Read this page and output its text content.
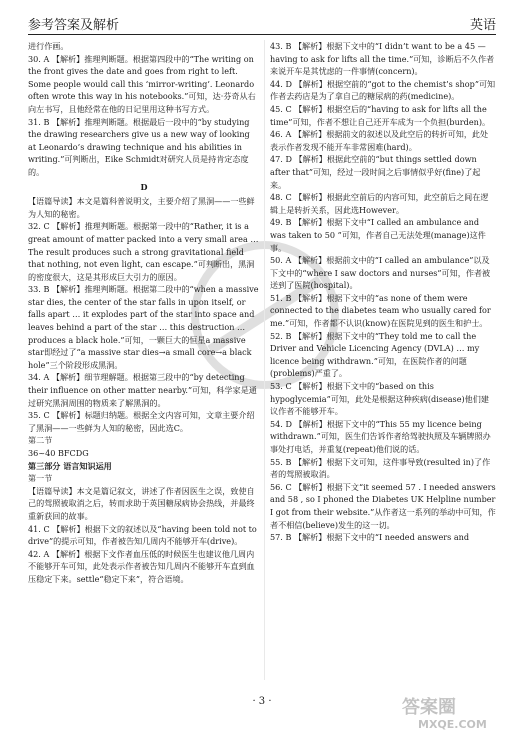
参考答案及解析	英语
进行作画。
30. A 【解析】推理判断题。根据第四段中的“The writing on the front gives the date and goes from right to left. Some people would call this ‘mirror-writing’. Leonardo often wrote this way in his notebooks.”可知，达·芬奇从右向左书写，且他经常在他的日记里用这种书写方式。
31. B 【解析】推理判断题。根据最后一段中的“by studying the drawing researchers give us a new way of looking at Leonardo’s drawing technique and his abilities in writing.”可判断出，Eike Schmidt对研究人员是持肯定态度的。
D
【语篇导读】本文是篇科普说明文，主要介绍了黑洞——一些鲜为人知的秘密。
32. C 【解析】推理判断题。根据第一段中的“Rather, it is a great amount of matter packed into a very small area … The result produces such a strong gravitational field that nothing, not even light, can escape.”可判断出，黑洞的密度很大，这是其形成巨大引力的原因。
33. B 【解析】推理判断题。根据第二段中的“when a massive star dies, the center of the star falls in upon itself, or falls apart … it explodes part of the star into space and leaves behind a part of the star … this destruction … produces a black hole.”可知，一颗巨大的恒星a massive star即经过了“a massive star dies→a small core→a black hole”三个阶段形成黑洞。
34. A 【解析】细节理解题。根据第三段中的“by detecting their influence on other matter nearby.”可知，科学家是通过研究黑洞周围的物质来了解黑洞的。
35. C 【解析】标题归纳题。根据全文内容可知，文章主要介绍了黑洞——一些鲜为人知的秘密，因此选C。
第二节
36~40 BFCDG
第三部分 语言知识运用
第一节
【语篇导读】本文是篇记叙文，讲述了作者因医生之误，致使自己的驾照被取消之后，转而求助于英国糖尿病协会热线，并最终重新获回的故事。
41. C 【解析】根据下文的叙述以及“having been told not to drive”的提示可知，作者被告知几周内不能够开车(drive)。
42. A 【解析】根据下文作者血压低的时候医生也建议他几周内不能够开车可知，此处表示作者被告知几周内不能够开车直到血压稳定下来。settle“稳定下来”，符合语境。
43. B 【解析】根据下文中的“I didn’t want to be a 45 — having to ask for lifts all the time.”可知，诊断后不久作者来说开车是其忧虑的一件事情(concern)。
44. D 【解析】根据空前的“got to the chemist’s shop”可知作者去药店是为了拿自己的糖尿病的药(medicine)。
45. C 【解析】根据空后的“having to ask for lifts all the time”可知，作者不想让自己还开车成为一个负担(burden)。
46. A 【解析】根据前文的叙述以及此空后的转折可知，此处表示作者发现不能开车非常困难(hard)。
47. D 【解析】根据此空前的“but things settled down after that”可知，经过一段时间之后事情似乎好(fine)了起来。
48. C 【解析】根据此空前后的内容可知，此空前后之间在逻辑上是转折关系，因此选However。
49. B 【解析】根据下文中“I called an ambulance and was taken to 50 ”可知，作者自己无法处理(manage)这件事。
50. A 【解析】根据前文中的“I called an ambulance”以及下文中的“where I saw doctors and nurses”可知，作者被送到了医院(hospital)。
51. B 【解析】根据下文中的“as none of them were connected to the diabetes team who usually cared for me.”可知，作者都不认识(know)在医院见到的医生和护士。
52. B 【解析】根据下文中的“They told me to call the Driver and Vehicle Licencing Agency (DVLA) … my licence being withdrawn.”可知，在医院作者的问题(problems)严重了。
53. C 【解析】根据下文中的“based on this hypoglycemia”可知，此处是根据这种疾病(disease)他们建议作者不能够开车。
54. D 【解析】根据下文中的“This 55 my licence being withdrawn.”可知，医生们告诉作者给驾驶执照及车辆牌照办事处打电话，并重复(repeat)他们说的话。
55. B 【解析】根据下文可知，这件事导致(resulted in)了作者的驾照被取消。
56. C 【解析】根据下文“it seemed 57 . I needed answers and 58 , so I phoned the Diabetes UK Helpline number I got from their website.”从作者这一系列的举动中可知，作者不相信(believe)发生的这一切。
57. B 【解析】根据下文中的“I needed answers and
· 3 ·	答案圈
MXQE.COM
